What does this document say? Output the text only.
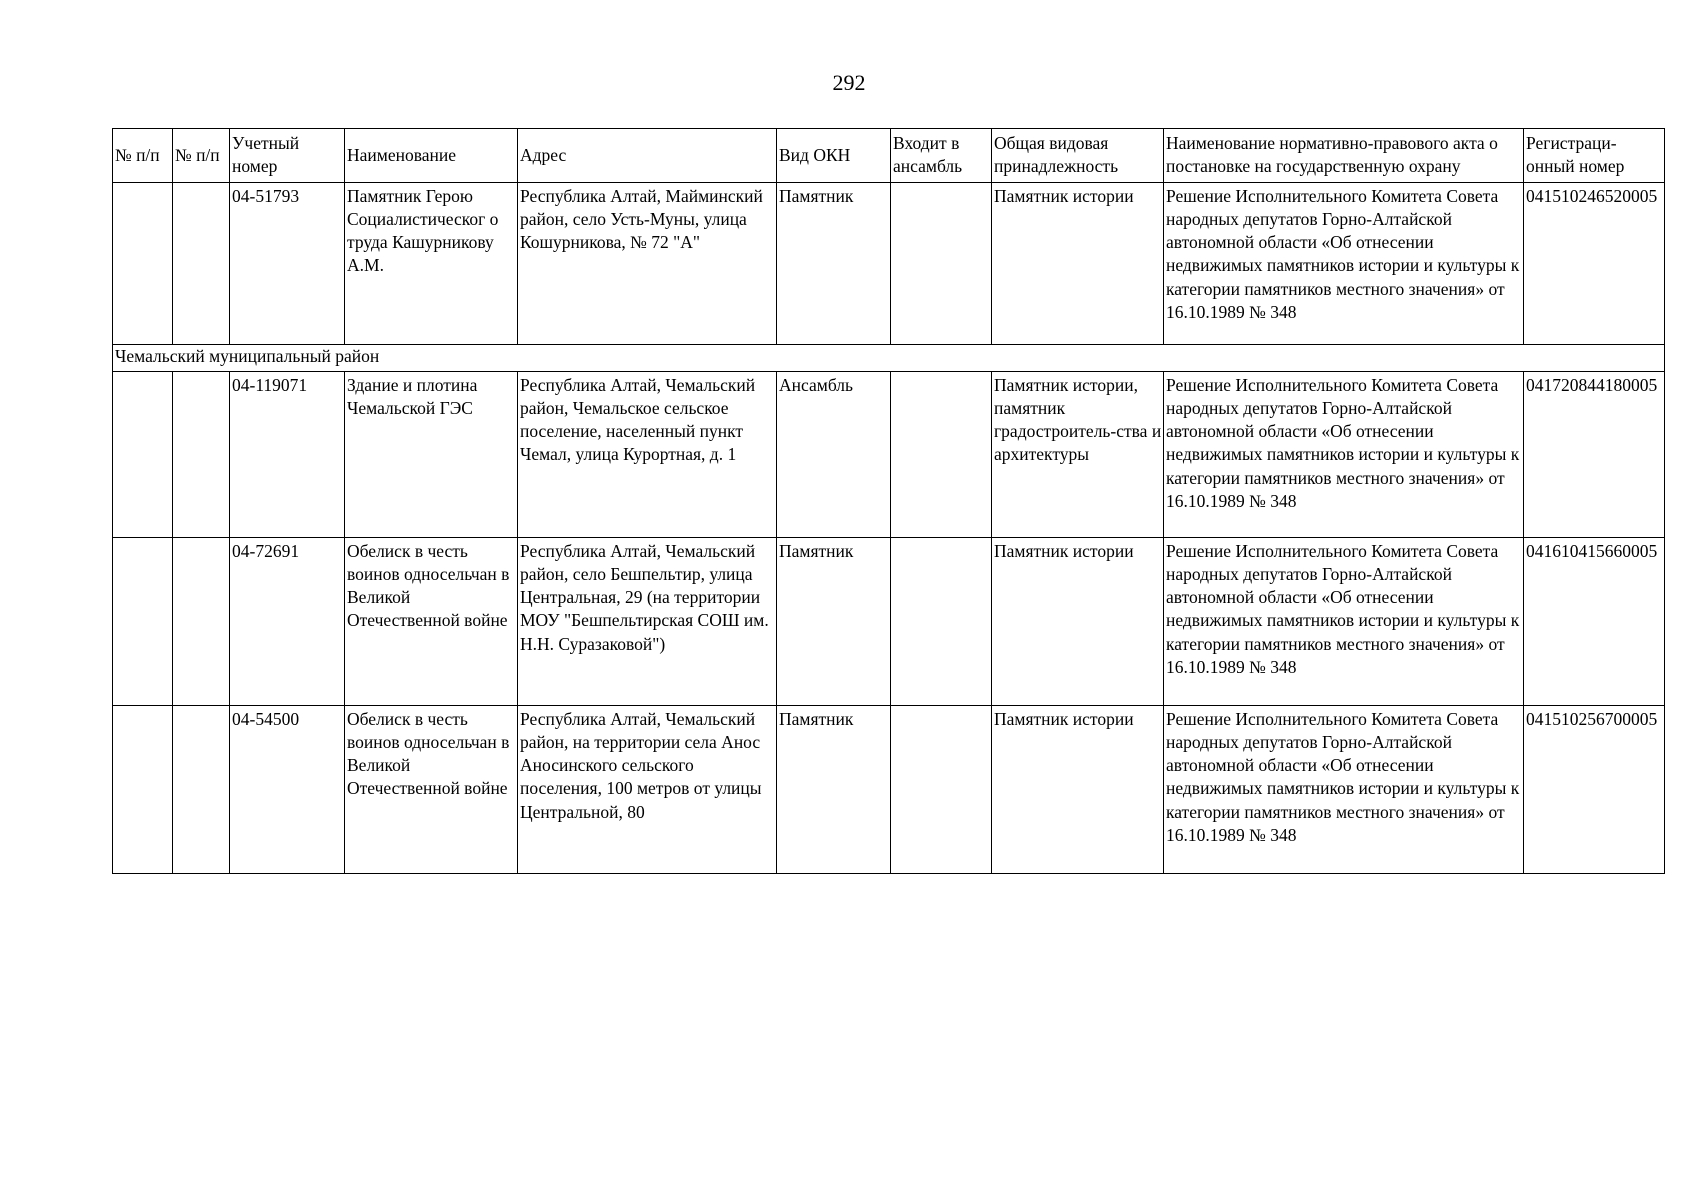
292
№ п/п	№ п/п	Учетный номер	Наименование	Адрес	Вид ОКН	Входит в ансамбль	Общая видовая принадлежность	Наименование нормативно-правового акта о постановке на государственную охрану	Регистраци-онный номер
		04-51793	Памятник Герою Социалистическог о труда Кашурникову А.М.	Республика Алтай, Майминский район, село Усть-Муны, улица Кошурникова, № 72 "А"	Памятник		Памятник истории	Решение Исполнительного Комитета Совета народных депутатов Горно-Алтайской автономной области «Об отнесении недвижимых памятников истории и культуры к категории памятников местного значения» от 16.10.1989 № 348	041510246520005
Чемальский муниципальный район									
		04-119071	Здание и плотина Чемальской ГЭС	Республика Алтай, Чемальский район, Чемальское сельское поселение, населенный пункт Чемал, улица Курортная, д. 1	Ансамбль		Памятник истории, памятник градостроитель-ства и архитектуры	Решение Исполнительного Комитета Совета народных депутатов Горно-Алтайской автономной области «Об отнесении недвижимых памятников истории и культуры к категории памятников местного значения» от 16.10.1989 № 348	041720844180005
		04-72691	Обелиск в честь воинов односельчан в Великой Отечественной войне	Республика Алтай, Чемальский район, село Бешпельтир, улица Центральная, 29 (на территории МОУ "Бешпельтирская СОШ им. Н.Н. Суразаковой")	Памятник		Памятник истории	Решение Исполнительного Комитета Совета народных депутатов Горно-Алтайской автономной области «Об отнесении недвижимых памятников истории и культуры к категории памятников местного значения» от 16.10.1989 № 348	041610415660005
		04-54500	Обелиск в честь воинов односельчан в Великой Отечественной войне	Республика Алтай, Чемальский район, на территории села Анос Аносинского сельского поселения, 100 метров от улицы Центральной, 80	Памятник		Памятник истории	Решение Исполнительного Комитета Совета народных депутатов Горно-Алтайской автономной области «Об отнесении недвижимых памятников истории и культуры к категории памятников местного значения» от 16.10.1989 № 348	041510256700005
